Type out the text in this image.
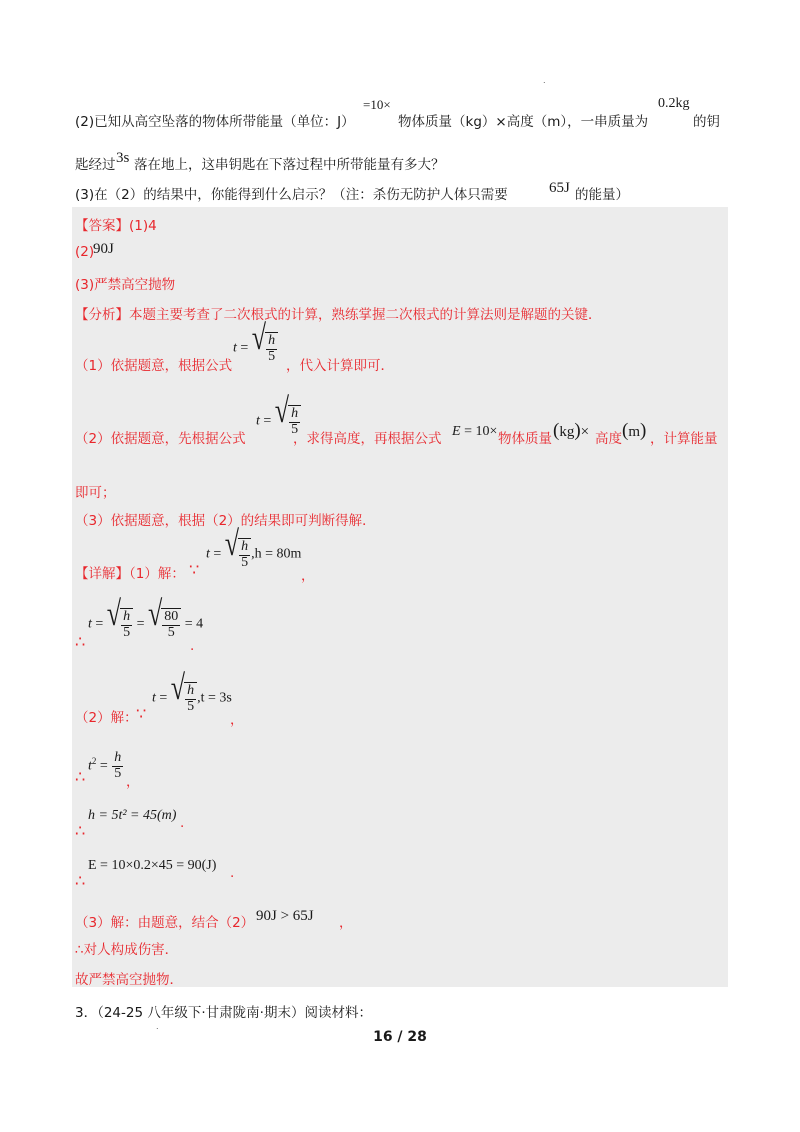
.
(2)已知从高空坠落的物体所带能量（单位：J）
=10×
物体质量（kg）×高度（m），一串质量为
0.2kg
的钥
匙经过 3s 落在地上，这串钥匙在下落过程中所带能量有多大？
(3)在（2）的结果中，你能得到什么启示？（注：杀伤无防护人体只需要	65J 的能量）
【答案】(1)4
(2)
90J
(3)严禁高空抛物
【分析】本题主要考查了二次根式的计算，熟练掌握二次根式的计算法则是解题的关键．
（1）依据题意，根据公式
t = √ $\frac{h}{5}$
，代入计算即可．
（2）依据题意，先根据公式
t = √ $\frac{h}{5}$
，求得高度，再根据公式 E = 10× 物体质量 (kg)× 高度 (m) ，计算能量
即可；
（3）依据题意，根据（2）的结果即可判断得解．
【详解】（1）解： ∵
t = √ $\frac{h}{5} ,h = 80m$
，
∴
t = √ $\frac{h}{5}$ = √ $\frac{80}{5} = 4$
.
（2）解：
∵
t = √ $\frac{h}{5} ,t = 3s$
，
∴
$t^2 = \frac{h}{5}$
，
∴
h = 5t² = 45(m) .
∴
E = 10×0.2×45 = 90(J) .
（3）解：由题意，结合（2） 90J > 65J ，
∴对人构成伤害．
故严禁高空抛物．
3．（24-25 八年级下·甘肃陇南·期末）阅读材料：
.
16 / 28
